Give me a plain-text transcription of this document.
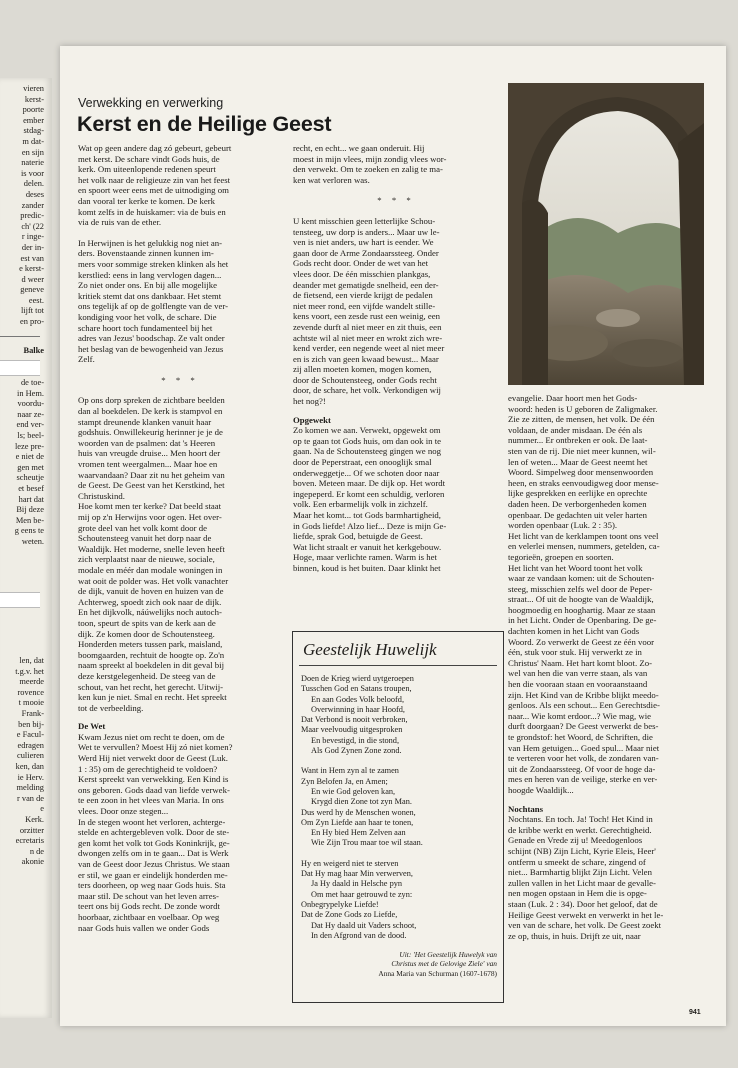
vieren
kerst-
poorte
ember
stdag-
m dat-
en sijn
naterie
is voor
delen.
deses
zander
predic-
ch' (22
r inge-
der in-
est van
e kerst-
d weer
geneve
eest.
lijft tot
en pro-
Balke
de toe-
in Hem.
voordu-
naar ze-
end ver-
ls; beel-
leze pre-
e niet de
gen met
scheutje
et besef
hart dat
Bij deze
Men be-
g eens te
weten.
len, dat
t.g.v. het
meerde
rovence
t mooie
Frank-
ben bij-
e Facul-
edragen
culieren
ken, dan
ie Herv.
melding
r van de
e
Kerk.
orzitter
ecretaris
n de
akonie
Verwekking en verwerking
Kerst en de Heilige Geest

Wat op geen andere dag zó gebeurt, gebeurt
met kerst. De schare vindt Gods huis, de
kerk. Om uiteenlopende redenen speurt
het volk naar de religieuze zin van het feest
en spoort weer eens met de uitnodiging om
dan vooral ter kerke te komen. De kerk
komt zelfs in de huiskamer: via de buis en
via de ruis van de ether.

In Herwijnen is het gelukkig nog niet an-
ders. Bovenstaande zinnen kunnen im-
mers voor sommige streken klinken als het
kerstlied: eens in lang vervlogen dagen...
Zo niet onder ons. En bij alle mogelijke
kritiek stemt dat ons dankbaar. Het stemt
ons tegelijk af op de golflengte van de ver-
kondiging voor het volk, de schare. Die
schare hoort toch fundamenteel bij het
adres van Jezus' boodschap. Ze valt onder
het beslag van de bewogenheid van Jezus
Zelf.

* * *

Op ons dorp spreken de zichtbare beelden
dan al boekdelen. De kerk is stampvol en
stampt dreunende klanken vanuit haar
godshuis. Onwillekeurig herinner je je de
woorden van de psalmen: dat 's Heeren
huis van vreugde druise... Men hoort der
vromen tent weergalmen... Maar hoe en
waarvandaan? Daar zit nu het geheim van
de Geest. De Geest van het Kerstkind, het
Christuskind.
Hoe komt men ter kerke? Dat beeld staat
mij op z'n Herwijns voor ogen. Het over-
grote deel van het volk komt door de
Schoutensteeg vanuit het dorp naar de
Waaldijk. Het moderne, snelle leven heeft
zich verplaatst naar de nieuwe, sociale,
modale en méér dan modale woningen in
wat ooit de polder was. Het volk vanachter
de dijk, vanuit de hoven en huizen van de
Achterweg, spoedt zich ook naar de dijk.
En het dijkvolk, náúwelijks noch autoch-
toon, speurt de spits van de kerk aan de
dijk. Ze komen door de Schoutensteeg.
Honderden meters tussen park, maisland,
boomgaarden, rechtuit de hoogte op. Zo'n
naam spreekt al boekdelen in dit geval bij
deze kerstgelegenheid. De steeg van de
schout, van het recht, het gerecht. Uitwij-
ken kun je niet. Smal en recht. Het spreekt
tot de verbeelding.

De Wet

Kwam Jezus niet om recht te doen, om de
Wet te vervullen? Moest Hij zó niet komen?
Werd Hij niet verwekt door de Geest (Luk.
1 : 35) om de gerechtigheid te voldoen?
Kerst spreekt van verwekking. Een Kind is
ons geboren. Gods daad van liefde verwek-
te een zoon in het vlees van Maria. In ons
vlees. Door onze stegen...
In de stegen woont het verloren, achterge-
stelde en achtergebleven volk. Door de ste-
gen komt het volk tot Gods Koninkrijk, ge-
dwongen zelfs om in te gaan... Dat is Werk
van de Geest door Jezus Christus. We staan
er stil, we gaan er eindelijk honderden me-
ters doorheen, op weg naar Gods huis. Sta
maar stil. De schout van het leven arres-
teert ons bij Gods recht. De zonde wordt
hoorbaar, zichtbaar en voelbaar. Op weg
naar Gods huis vallen we onder Gods

recht, en echt... we gaan onderuit. Hij
moest in mijn vlees, mijn zondig vlees wor-
den verwekt. Om te zoeken en zalig te ma-
ken wat verloren was.

* * *

U kent misschien geen letterlijke Schou-
tensteeg, uw dorp is anders... Maar uw le-
ven is niet anders, uw hart is eender. We
gaan door de Arme Zondaarssteeg. Onder
Gods recht door. Onder de wet van het
vlees door. De één misschien plankgas,
deander met gematigde snelheid, een der-
de fietsend, een vierde krijgt de pedalen
niet meer rond, een vijfde wandelt stille-
kens voort, een zesde rust een weinig, een
zevende durft al niet meer en zit thuis, een
achtste wil al niet meer en wrokt zich wre-
kend verder, een negende weet al niet meer
en is zich van geen kwaad bewust... Maar
zij allen moeten komen, mogen komen,
door de Schoutensteeg, onder Gods recht
door, de schare, het volk. Verkondigen wij
het nog?!

Opgewekt

Zo komen we aan. Verwekt, opgewekt om
op te gaan tot Gods huis, om dan ook in te
gaan. Na de Schoutensteeg gingen we nog
door de Peperstraat, een onooglijk smal
onderweggetje... Of we schoten door naar
boven. Meteen maar. De dijk op. Het wordt
ingepeperd. Er komt een schuldig, verloren
volk. Een erbarmelijk volk in zichzelf.
Maar het komt... tot Gods barmhartigheid,
in Gods liefde! Alzo lief... Deze is mijn Ge-
liefde, sprak God, betuigde de Geest.
Wat licht straalt er vanuit het kerkgebouw.
Hoge, maar verlichte ramen. Warm is het
binnen, koud is het buiten. Daar klinkt het

evangelie. Daar hoort men het Gods-
woord: heden is U geboren de Zaligmaker.
Zie ze zitten, de mensen, het volk. De één
voldaan, de ander misdaan. De één als
nummer... Er ontbreken er ook. De laat-
sten van de rij. Die niet meer kunnen, wil-
len of weten... Maar de Geest neemt het
Woord. Simpelweg door mensenwoorden
heen, en straks eenvoudigweg door mense-
lijke gesprekken en eerlijke en oprechte
daden heen. De verborgenheden komen
openbaar. De gedachten uit veler harten
worden openbaar (Luk. 2 : 35).
Het licht van de kerklampen toont ons veel
en velerlei mensen, nummers, getelden, ca-
tegorieën, groepen en soorten.
Het licht van het Woord toont het volk
waar ze vandaan komen: uit de Schouten-
steeg, misschien zelfs wel door de Peper-
straat... Of uit de hoogte van de Waaldijk,
hoogmoedig en hooghartig. Maar ze staan
in het Licht. Onder de Openbaring. De ge-
dachten komen in het Licht van Gods
Woord. Zo verwerkt de Geest ze één voor
één, stuk voor stuk. Hij verwerkt ze in
Christus' Naam. Het hart komt bloot. Zo-
wel van hen die van verre staan, als van
hen die vooraan staan en vooraanstaand
zijn. Het Kind van de Kribbe blijkt meedo-
genloos. Als een schout... Een Gerechtsdie-
naar... Wie komt erdoor...? Wie mag, wie
durft doorgaan? De Geest verwerkt de bes-
te grondstof: het Woord, de Schriften, die
van Hem getuigen... Goed spul... Maar niet
te verteren voor het volk, de zondaren van-
uit de Zondaarssteeg. Of voor de hoge da-
mes en heren van de veilige, sterke en ver-
hoogde Waaldijk...

Nochtans

Nochtans. En toch. Ja! Toch! Het Kind in
de kribbe werkt en werkt. Gerechtigheid.
Genade en Vrede zij u! Meedogenloos
schijnt (NB) Zijn Licht, Kyrie Eleis, Heer'
ontferm u smeekt de schare, zingend of
niet... Barmhartig blijkt Zijn Licht. Velen
zullen vallen in het Licht maar de gevalle-
nen mogen opstaan in Hem die is opge-
staan (Luk. 2 : 34). Door het geloof, dat de
Heilige Geest verwekt en verwerkt in het le-
ven van de schare, het volk. De Geest zoekt
ze op, thuis, in huis. Drijft ze uit, naar

Geestelijk Huwelijk
Doen de Krieg wierd uytgeroepen
Tusschen God en Satans troupen,
En aan Godes Volk beloofd,
Overwinning in haar Hoofd,
Dat Verbond is nooit verbroken,
Maar veelvoudig uitgesproken
En bevestigd, in die stond,
Als God Zynen Zone zond.
Want in Hem zyn al te zamen
Zyn Belofen Ja, en Amen;
En wie God geloven kan,
Krygd dien Zone tot zyn Man.
Dus werd hy de Menschen wonen,
Om Zyn Liefde aan haar te tonen,
En Hy bied Hem Zelven aan
Wie Zijn Trou maar toe wil staan.
Hy en weigerd niet te sterven
Dat Hy mag haar Min verwerven,
Ja Hy daald in Helsche pyn
Om met haar getrouwd te zyn:
Onbegrypelyke Liefde!
Dat de Zone Gods zo Liefde,
Dat Hy daald uit Vaders schoot,
In den Afgrond van de dood.
Uit: 'Het Geestelijk Huwelyk van
Christus met de Gelovige Ziele' van
Anna Maria van Schurman (1607-1678)
941
